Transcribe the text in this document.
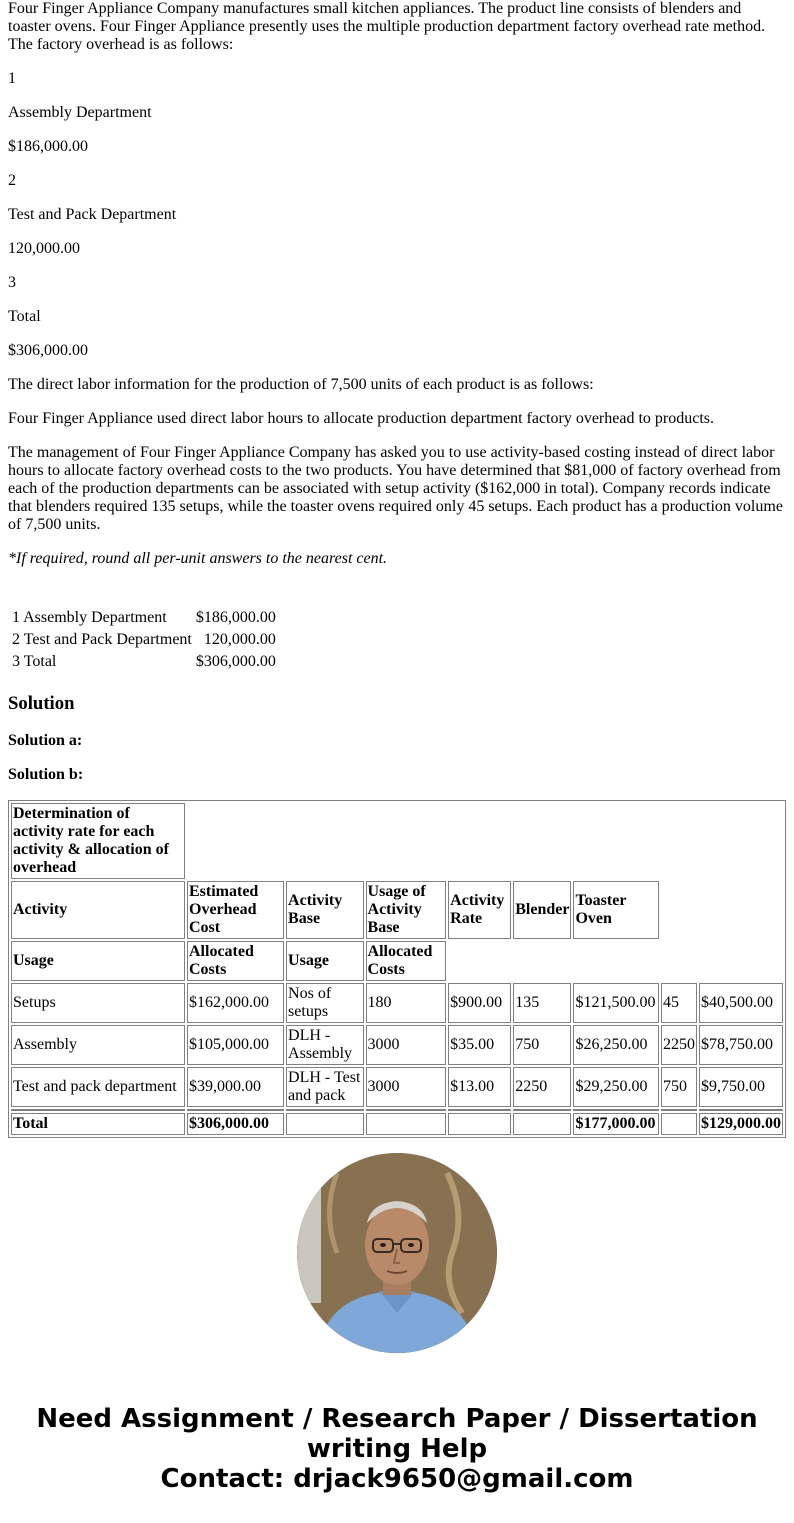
Four Finger Appliance Company manufactures small kitchen appliances. The product line consists of blenders and toaster ovens. Four Finger Appliance presently uses the multiple production department factory overhead rate method. The factory overhead is as follows:

1

Assembly Department

$186,000.00

2

Test and Pack Department

120,000.00

3

Total

$306,000.00

The direct labor information for the production of 7,500 units of each product is as follows:

Four Finger Appliance used direct labor hours to allocate production department factory overhead to products.

The management of Four Finger Appliance Company has asked you to use activity-based costing instead of direct labor hours to allocate factory overhead costs to the two products. You have determined that $81,000 of factory overhead from each of the production departments can be associated with setup activity ($162,000 in total). Company records indicate that blenders required 135 setups, while the toaster ovens required only 45 setups. Each product has a production volume of 7,500 units.

*If required, round all per-unit answers to the nearest cent.

1 Assembly Department	$186,000.00
2 Test and Pack Department	120,000.00
3 Total	$306,000.00
Solution
Solution a:
Solution b:
Determination of activity rate for each activity & allocation of overhead								
Activity	Estimated Overhead Cost	Activity Base	Usage of Activity Base	Activity Rate	Blender	Toaster Oven		
Usage	Allocated Costs	Usage	Allocated Costs					
Setups	$162,000.00	Nos of setups	180	$900.00	135	$121,500.00	45	$40,500.00
Assembly	$105,000.00	DLH - Assembly	3000	$35.00	750	$26,250.00	2250	$78,750.00
Test and pack department	$39,000.00	DLH - Test and pack	3000	$13.00	2250	$29,250.00	750	$9,750.00

Total	$306,000.00					$177,000.00		$129,000.00
Need Assignment / Research Paper / Dissertation
writing Help
Contact: drjack9650@gmail.com
